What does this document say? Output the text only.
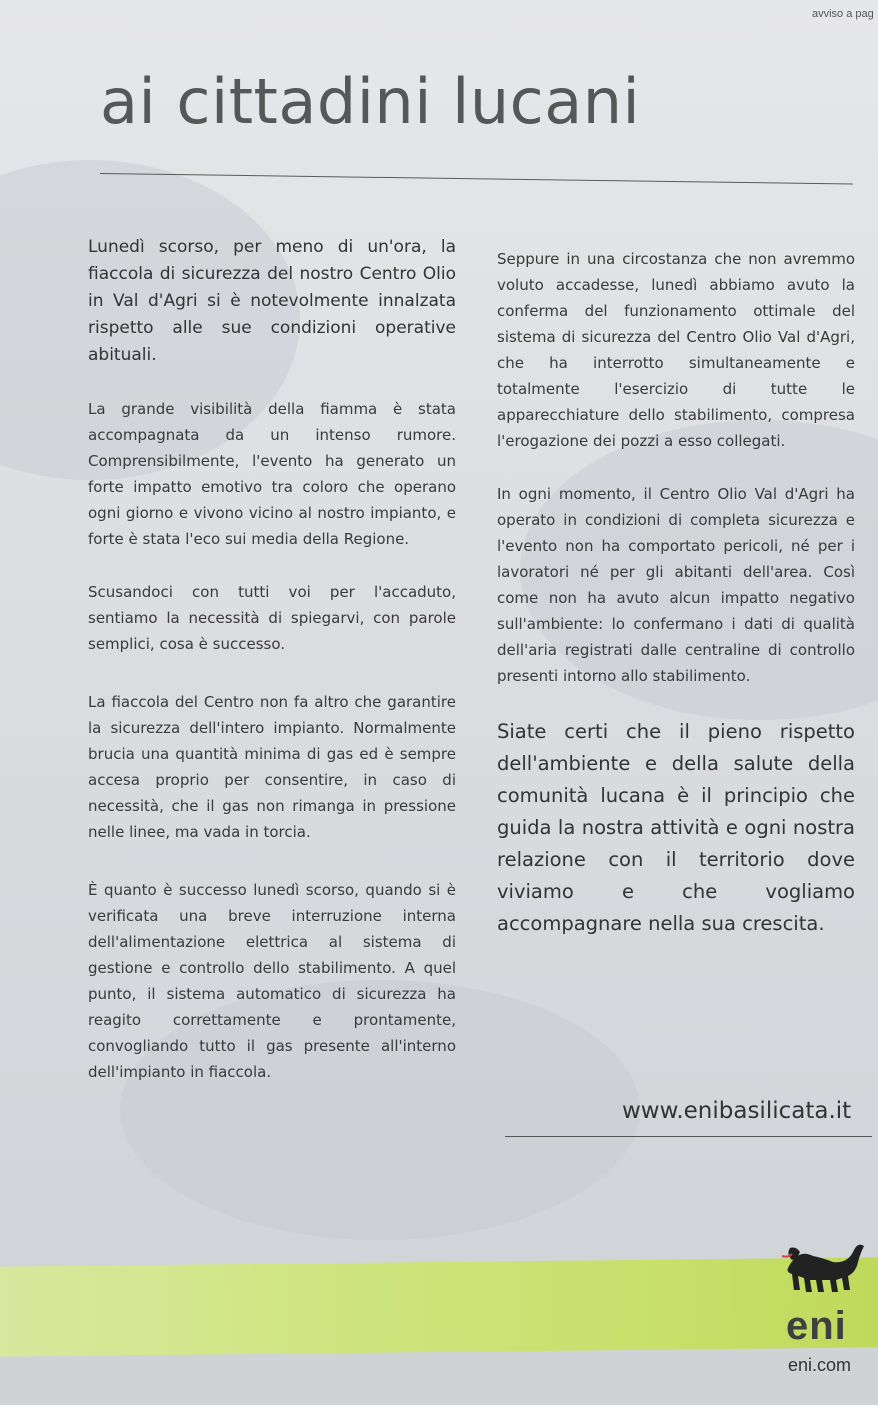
avviso a pag
ai cittadini lucani

Lunedì scorso, per meno di un'ora, la fiaccola di sicurezza del nostro Centro Olio in Val d'Agri si è notevolmente innalzata rispetto alle sue condizioni operative abituali.

La grande visibilità della fiamma è stata accompagnata da un intenso rumore. Comprensibilmente, l'evento ha generato un forte impatto emotivo tra coloro che operano ogni giorno e vivono vicino al nostro impianto, e forte è stata l'eco sui media della Regione.

Scusandoci con tutti voi per l'accaduto, sentiamo la necessità di spiegarvi, con parole semplici, cosa è successo.

La fiaccola del Centro non fa altro che garantire la sicurezza dell'intero impianto. Normalmente brucia una quantità minima di gas ed è sempre accesa proprio per consentire, in caso di necessità, che il gas non rimanga in pressione nelle linee, ma vada in torcia.

È quanto è successo lunedì scorso, quando si è verificata una breve interruzione interna dell'alimentazione elettrica al sistema di gestione e controllo dello stabilimento. A quel punto, il sistema automatico di sicurezza ha reagito correttamente e prontamente, convogliando tutto il gas presente all'interno dell'impianto in fiaccola.

Seppure in una circostanza che non avremmo voluto accadesse, lunedì abbiamo avuto la conferma del funzionamento ottimale del sistema di sicurezza del Centro Olio Val d'Agri, che ha interrotto simultaneamente e totalmente l'esercizio di tutte le apparecchiature dello stabilimento, compresa l'erogazione dei pozzi a esso collegati.

In ogni momento, il Centro Olio Val d'Agri ha operato in condizioni di completa sicurezza e l'evento non ha comportato pericoli, né per i lavoratori né per gli abitanti dell'area. Così come non ha avuto alcun impatto negativo sull'ambiente: lo confermano i dati di qualità dell'aria registrati dalle centraline di controllo presenti intorno allo stabilimento.

Siate certi che il pieno rispetto dell'ambiente e della salute della comunità lucana è il principio che guida la nostra attività e ogni nostra relazione con il territorio dove viviamo e che vogliamo accompagnare nella sua crescita.

www.enibasilicata.it
eni
eni.com
